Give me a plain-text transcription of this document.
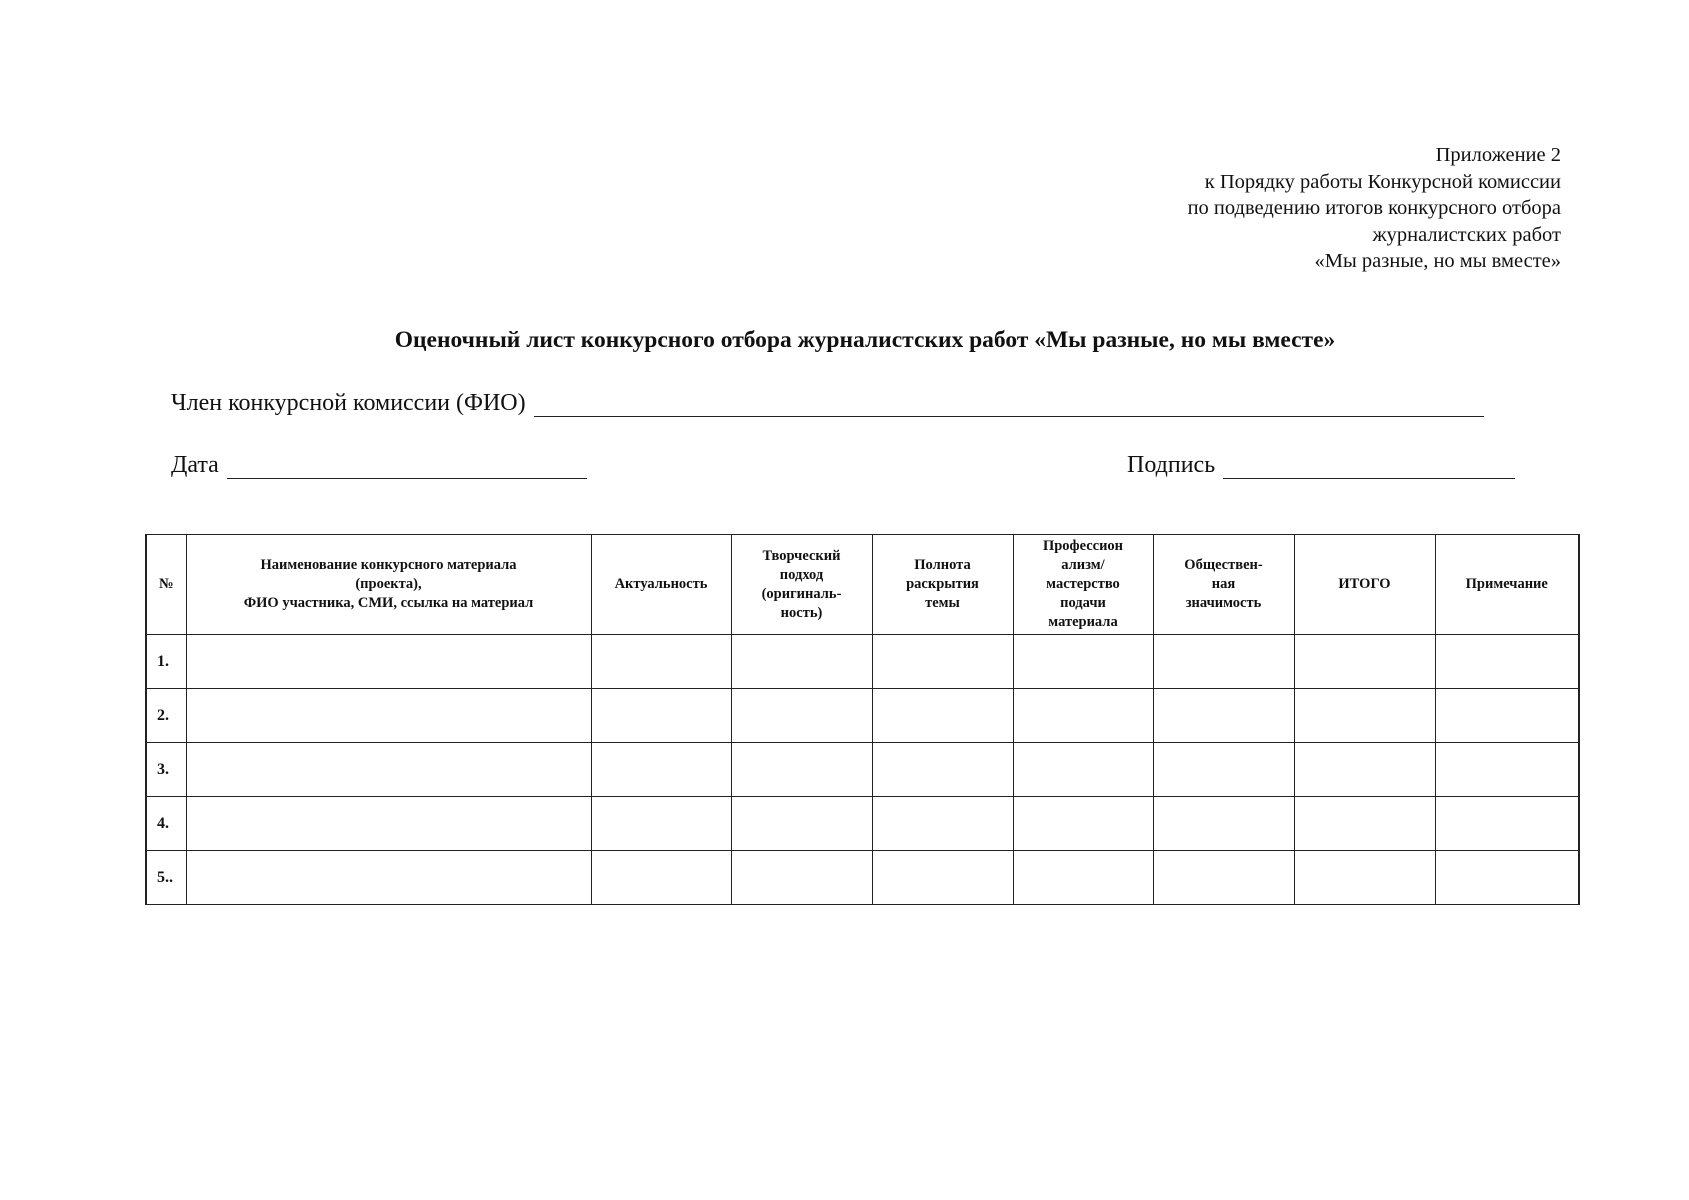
Приложение 2
к Порядку работы Конкурсной комиссии
по подведению итогов конкурсного отбора
журналистских работ
«Мы разные, но мы вместе»
Оценочный лист конкурсного отбора журналистских работ «Мы разные, но мы вместе»
Член конкурсной комиссии (ФИО)
Дата	Подпись
№	Наименование конкурсного материала
(проекта),
ФИО участника, СМИ, ссылка на материал	Актуальность	Творческий
подход
(оригиналь-
ность)	Полнота
раскрытия
темы	Профессион
ализм/
мастерство
подачи
материала	Обществен-
ная
значимость	ИТОГО	Примечание

1.								
2.								
3.								
4.								
5..								
